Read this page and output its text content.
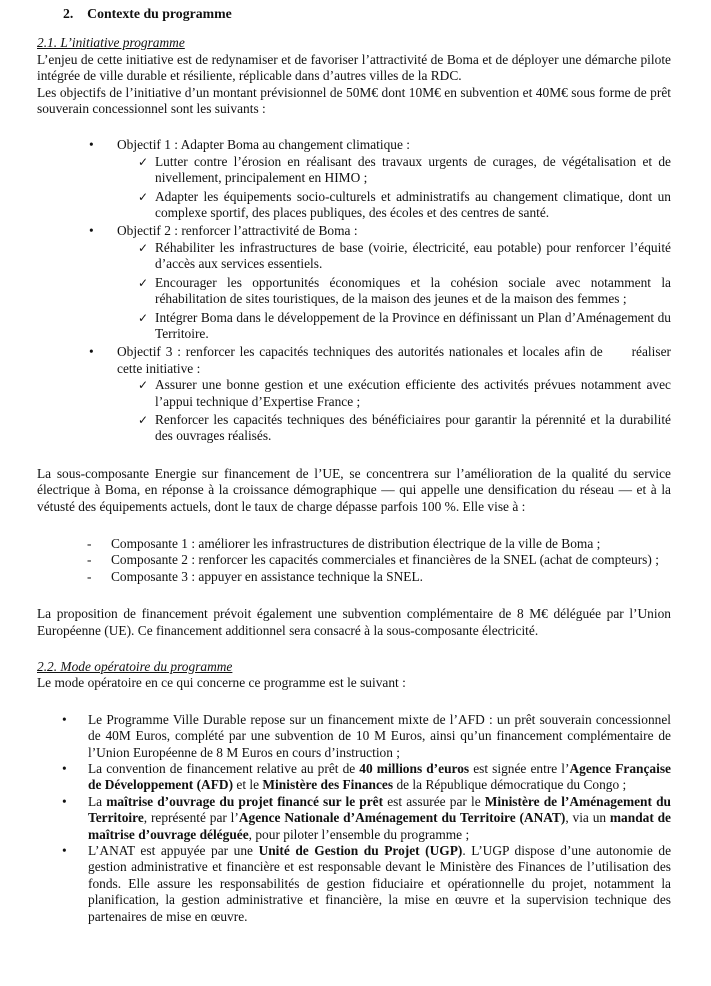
2.    Contexte du programme

2.1. L’initiative programme

L’enjeu de cette initiative est de redynamiser et de favoriser l’attractivité de Boma et de déployer une démarche pilote intégrée de ville durable et résiliente, réplicable dans d’autres villes de la RDC.

Les objectifs de l’initiative d’un montant prévisionnel de 50M€ dont 10M€ en subvention et 40M€ sous forme de prêt souverain concessionnel sont les suivants :

• Objectif 1 : Adapter Boma au changement climatique :

✓ Lutter contre l’érosion en réalisant des travaux urgents de curages, de végétalisation et de nivellement, principalement en HIMO ;

✓ Adapter les équipements socio-culturels et administratifs au changement climatique, dont un complexe sportif, des places publiques, des écoles et des centres de santé.

• Objectif 2 : renforcer l’attractivité de Boma :

✓ Réhabiliter les infrastructures de base (voirie, électricité, eau potable) pour renforcer l’équité d’accès aux services essentiels.

✓ Encourager les opportunités économiques et la cohésion sociale avec notamment la réhabilitation de sites touristiques, de la maison des jeunes et de la maison des femmes ;

✓ Intégrer Boma dans le développement de la Province en définissant un Plan d’Aménagement du Territoire.

• Objectif 3 : renforcer les capacités techniques des autorités nationales et locales afin de      réaliser cette initiative :

✓ Assurer une bonne gestion et une exécution efficiente des activités prévues notamment avec l’appui technique d’Expertise France ;

✓ Renforcer les capacités techniques des bénéficiaires pour garantir la pérennité et la durabilité des ouvrages réalisés.

La sous-composante Energie sur financement de l’UE, se concentrera sur l’amélioration de la qualité du service électrique à Boma, en réponse à la croissance démographique — qui appelle une densification du réseau — et à la vétusté des équipements actuels, dont le taux de charge dépasse parfois 100 %. Elle vise à :

- Composante 1 : améliorer les infrastructures de distribution électrique de la ville de Boma ;

- Composante 2 : renforcer les capacités commerciales et financières de la SNEL (achat de compteurs) ;

- Composante 3 : appuyer en assistance technique la SNEL.

La proposition de financement prévoit également une subvention complémentaire de 8 M€ déléguée par l’Union Européenne (UE). Ce financement additionnel sera consacré à la sous-composante électricité.

2.2. Mode opératoire du programme

Le mode opératoire en ce qui concerne ce programme est le suivant :

• Le Programme Ville Durable repose sur un financement mixte de l’AFD : un prêt souverain concessionnel de 40M Euros, complété par une subvention de 10 M Euros, ainsi qu’un financement complémentaire de l’Union Européenne de 8 M Euros en cours d’instruction ;

• La convention de financement relative au prêt de 40 millions d’euros est signée entre l’Agence Française de Développement (AFD) et le Ministère des Finances de la République démocratique du Congo ;

• La maîtrise d’ouvrage du projet financé sur le prêt est assurée par le Ministère de l’Aménagement du Territoire, représenté par l’Agence Nationale d’Aménagement du Territoire (ANAT), via un mandat de maîtrise d’ouvrage déléguée, pour piloter l’ensemble du programme ;

• L’ANAT est appuyée par une Unité de Gestion du Projet (UGP). L’UGP dispose d’une autonomie de gestion administrative et financière et est responsable devant le Ministère des Finances de l’utilisation des fonds. Elle assure les responsabilités de gestion fiduciaire et opérationnelle du projet, notamment la planification, la gestion administrative et financière, la mise en œuvre et la supervision technique des partenaires de mise en œuvre.
